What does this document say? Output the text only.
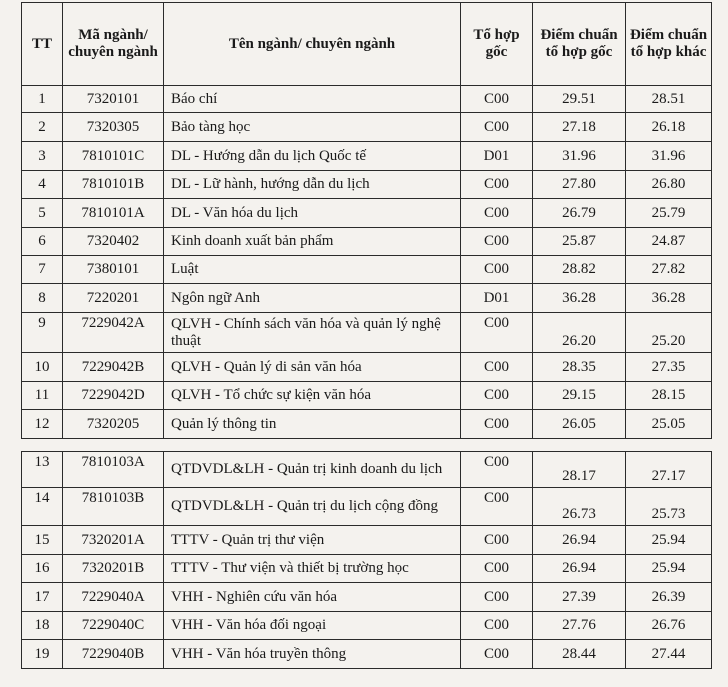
TT	Mã ngành/ chuyên ngành	Tên ngành/ chuyên ngành	Tổ hợp gốc	Điểm chuẩn tổ hợp gốc	Điểm chuẩn tổ hợp khác
1	7320101	Báo chí	C00	29.51	28.51
2	7320305	Bảo tàng học	C00	27.18	26.18
3	7810101C	DL - Hướng dẫn du lịch Quốc tế	D01	31.96	31.96
4	7810101B	DL - Lữ hành, hướng dẫn du lịch	C00	27.80	26.80
5	7810101A	DL - Văn hóa du lịch	C00	26.79	25.79
6	7320402	Kinh doanh xuất bản phẩm	C00	25.87	24.87
7	7380101	Luật	C00	28.82	27.82
8	7220201	Ngôn ngữ Anh	D01	36.28	36.28
9	7229042A	QLVH - Chính sách văn hóa và quản lý nghệ thuật	C00	26.20	25.20
10	7229042B	QLVH - Quản lý di sản văn hóa	C00	28.35	27.35
11	7229042D	QLVH - Tổ chức sự kiện văn hóa	C00	29.15	28.15
12	7320205	Quản lý thông tin	C00	26.05	25.05
13	7810103A	QTDVDL&LH - Quản trị kinh doanh du lịch	C00	28.17	27.17
14	7810103B	QTDVDL&LH - Quản trị du lịch cộng đồng	C00	26.73	25.73
15	7320201A	TTTV - Quản trị thư viện	C00	26.94	25.94
16	7320201B	TTTV - Thư viện và thiết bị trường học	C00	26.94	25.94
17	7229040A	VHH - Nghiên cứu văn hóa	C00	27.39	26.39
18	7229040C	VHH - Văn hóa đối ngoại	C00	27.76	26.76
19	7229040B	VHH - Văn hóa truyền thông	C00	28.44	27.44
